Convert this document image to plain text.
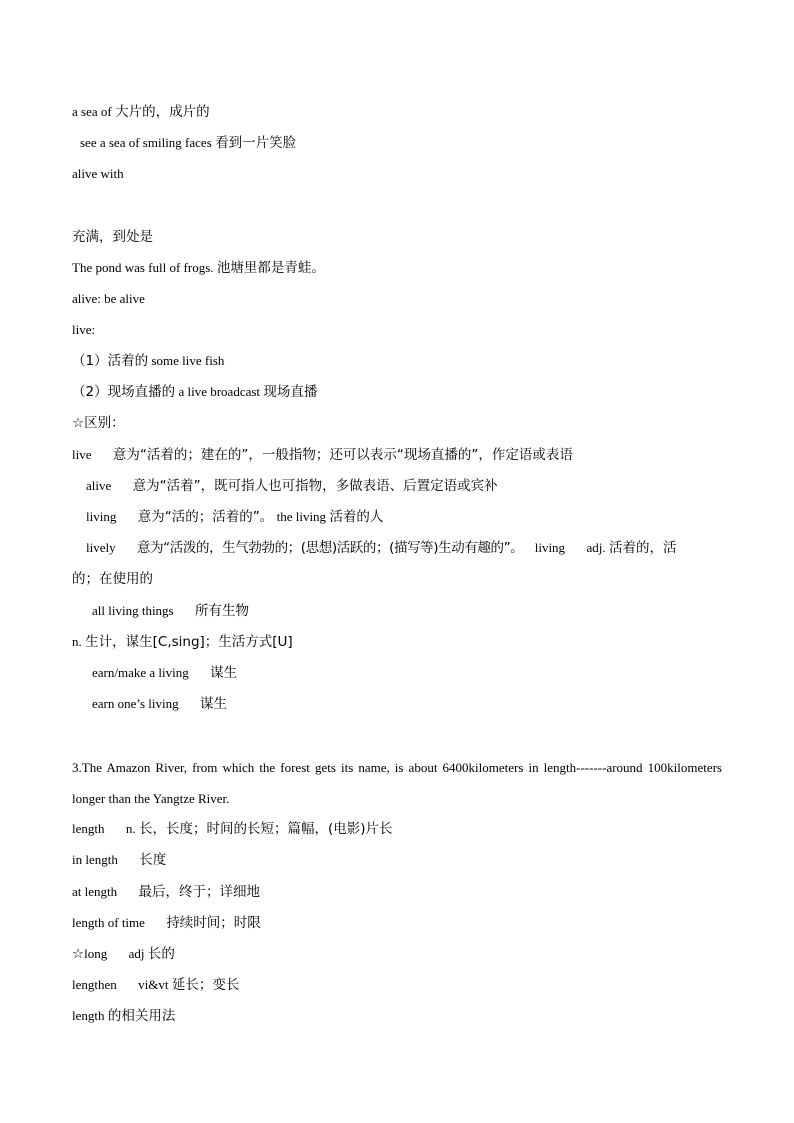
a sea of 大片的，成片的
see a sea of smiling faces 看到一片笑脸
alive with
充满，到处是
The pond was full of frogs. 池塘里都是青蛙。
alive: be alive
live:
（1）活着的 some live fish
（2）现场直播的 a live broadcast 现场直播
☆区别：
live 意为“活着的；建在的”，一般指物；还可以表示“现场直播的”，作定语或表语
alive 意为“活着”，既可指人也可指物，多做表语、后置定语或宾补
living 意为“活的；活着的”。 the living 活着的人
lively 意为“活泼的，生气勃勃的；(思想)活跃的；(描写等)生动有趣的”。 living adj. 活着的，活
的；在使用的
all living things 所有生物
n. 生计，谋生[C,sing]；生活方式[U]
earn/make a living 谋生
earn one’s living 谋生
3.The Amazon River, from which the forest gets its name, is about 6400kilometers in length-------around 100kilometers longer than the Yangtze River.
length n. 长，长度；时间的长短；篇幅，(电影)片长
in length 长度
at length 最后，终于；详细地
length of time 持续时间；时限
☆long adj 长的
lengthen vi&vt 延长；变长
length 的相关用法
